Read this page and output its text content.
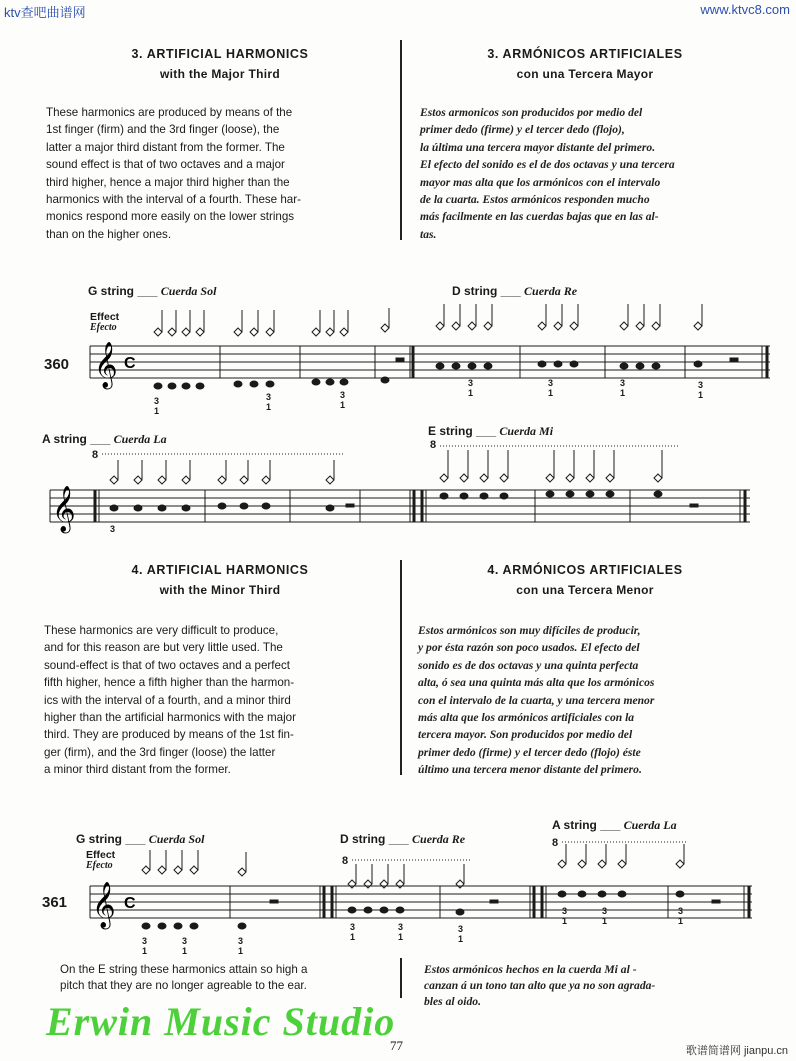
ktv查吧曲谱网	www.ktvc8.com
3. ARTIFICIAL HARMONICS
with the Major Third
3. ARMÓNICOS ARTIFICIALES
con una Tercera Mayor
These harmonics are produced by means of the
1st finger (firm) and the 3rd finger (loose), the
latter a major third distant from the former. The
sound effect is that of two octaves and a major
third higher, hence a major third higher than the
harmonics with the interval of a fourth. These har-
monics respond more easily on the lower strings
than on the higher ones.
Estos armonicos son producidos por medio del
primer dedo (firme) y el tercer dedo (flojo),
la última una tercera mayor distante del primero.
El efecto del sonido es el de dos octavas y una tercera
mayor mas alta que los armónicos con el intervalo
de la cuarta. Estos armónicos responden mucho
más facilmente en las cuerdas bajas que en las al-
tas.
G string ___ Cuerda Sol	D string ___ Cuerda Re
Effect
Efecto
360
A string ___ Cuerda La
E string ___ Cuerda Mi
𝄞 C
3
1
3
1
3
1
3
1
3
1
3
1
3
1
8
8
𝄞	3
4. ARTIFICIAL HARMONICS
with the Minor Third
4. ARMÓNICOS ARTIFICIALES
con una Tercera Menor
These harmonics are very difficult to produce,
and for this reason are but very little used. The
sound-effect is that of two octaves and a perfect
fifth higher, hence a fifth higher than the harmon-
ics with the interval of a fourth, and a minor third
higher than the artificial harmonics with the major
third. They are produced by means of the 1st fin-
ger (firm), and the 3rd finger (loose) the latter
a minor third distant from the former.
Estos armónicos son muy difíciles de producir,
y por ésta razón son poco usados. El efecto del
sonido es de dos octavas y una quinta perfecta
alta, ó sea una quinta más alta que los armónicos
con el intervalo de la cuarta, y una tercera menor
más alta que los armónicos artificiales con la
tercera mayor. Son producidos por medio del
primer dedo (firme) y el tercer dedo (flojo) éste
último una tercera menor distante del primero.
G string ___ Cuerda Sol	D string ___ Cuerda Re
A string ___ Cuerda La
Effect
Efecto
361
8
8
𝄞 C
3
1
3
1
3
1
3
1
3
1
3
1
3
1
3
1
3
1
On the E string these harmonics attain so high a
pitch that they are no longer agreable to the ear.
Estos armónicos hechos en la cuerda Mi al -
canzan á un tono tan alto que ya no son agrada-
bles al oido.
Erwin Music Studio
77	歌谱简谱网 jianpu.cn
